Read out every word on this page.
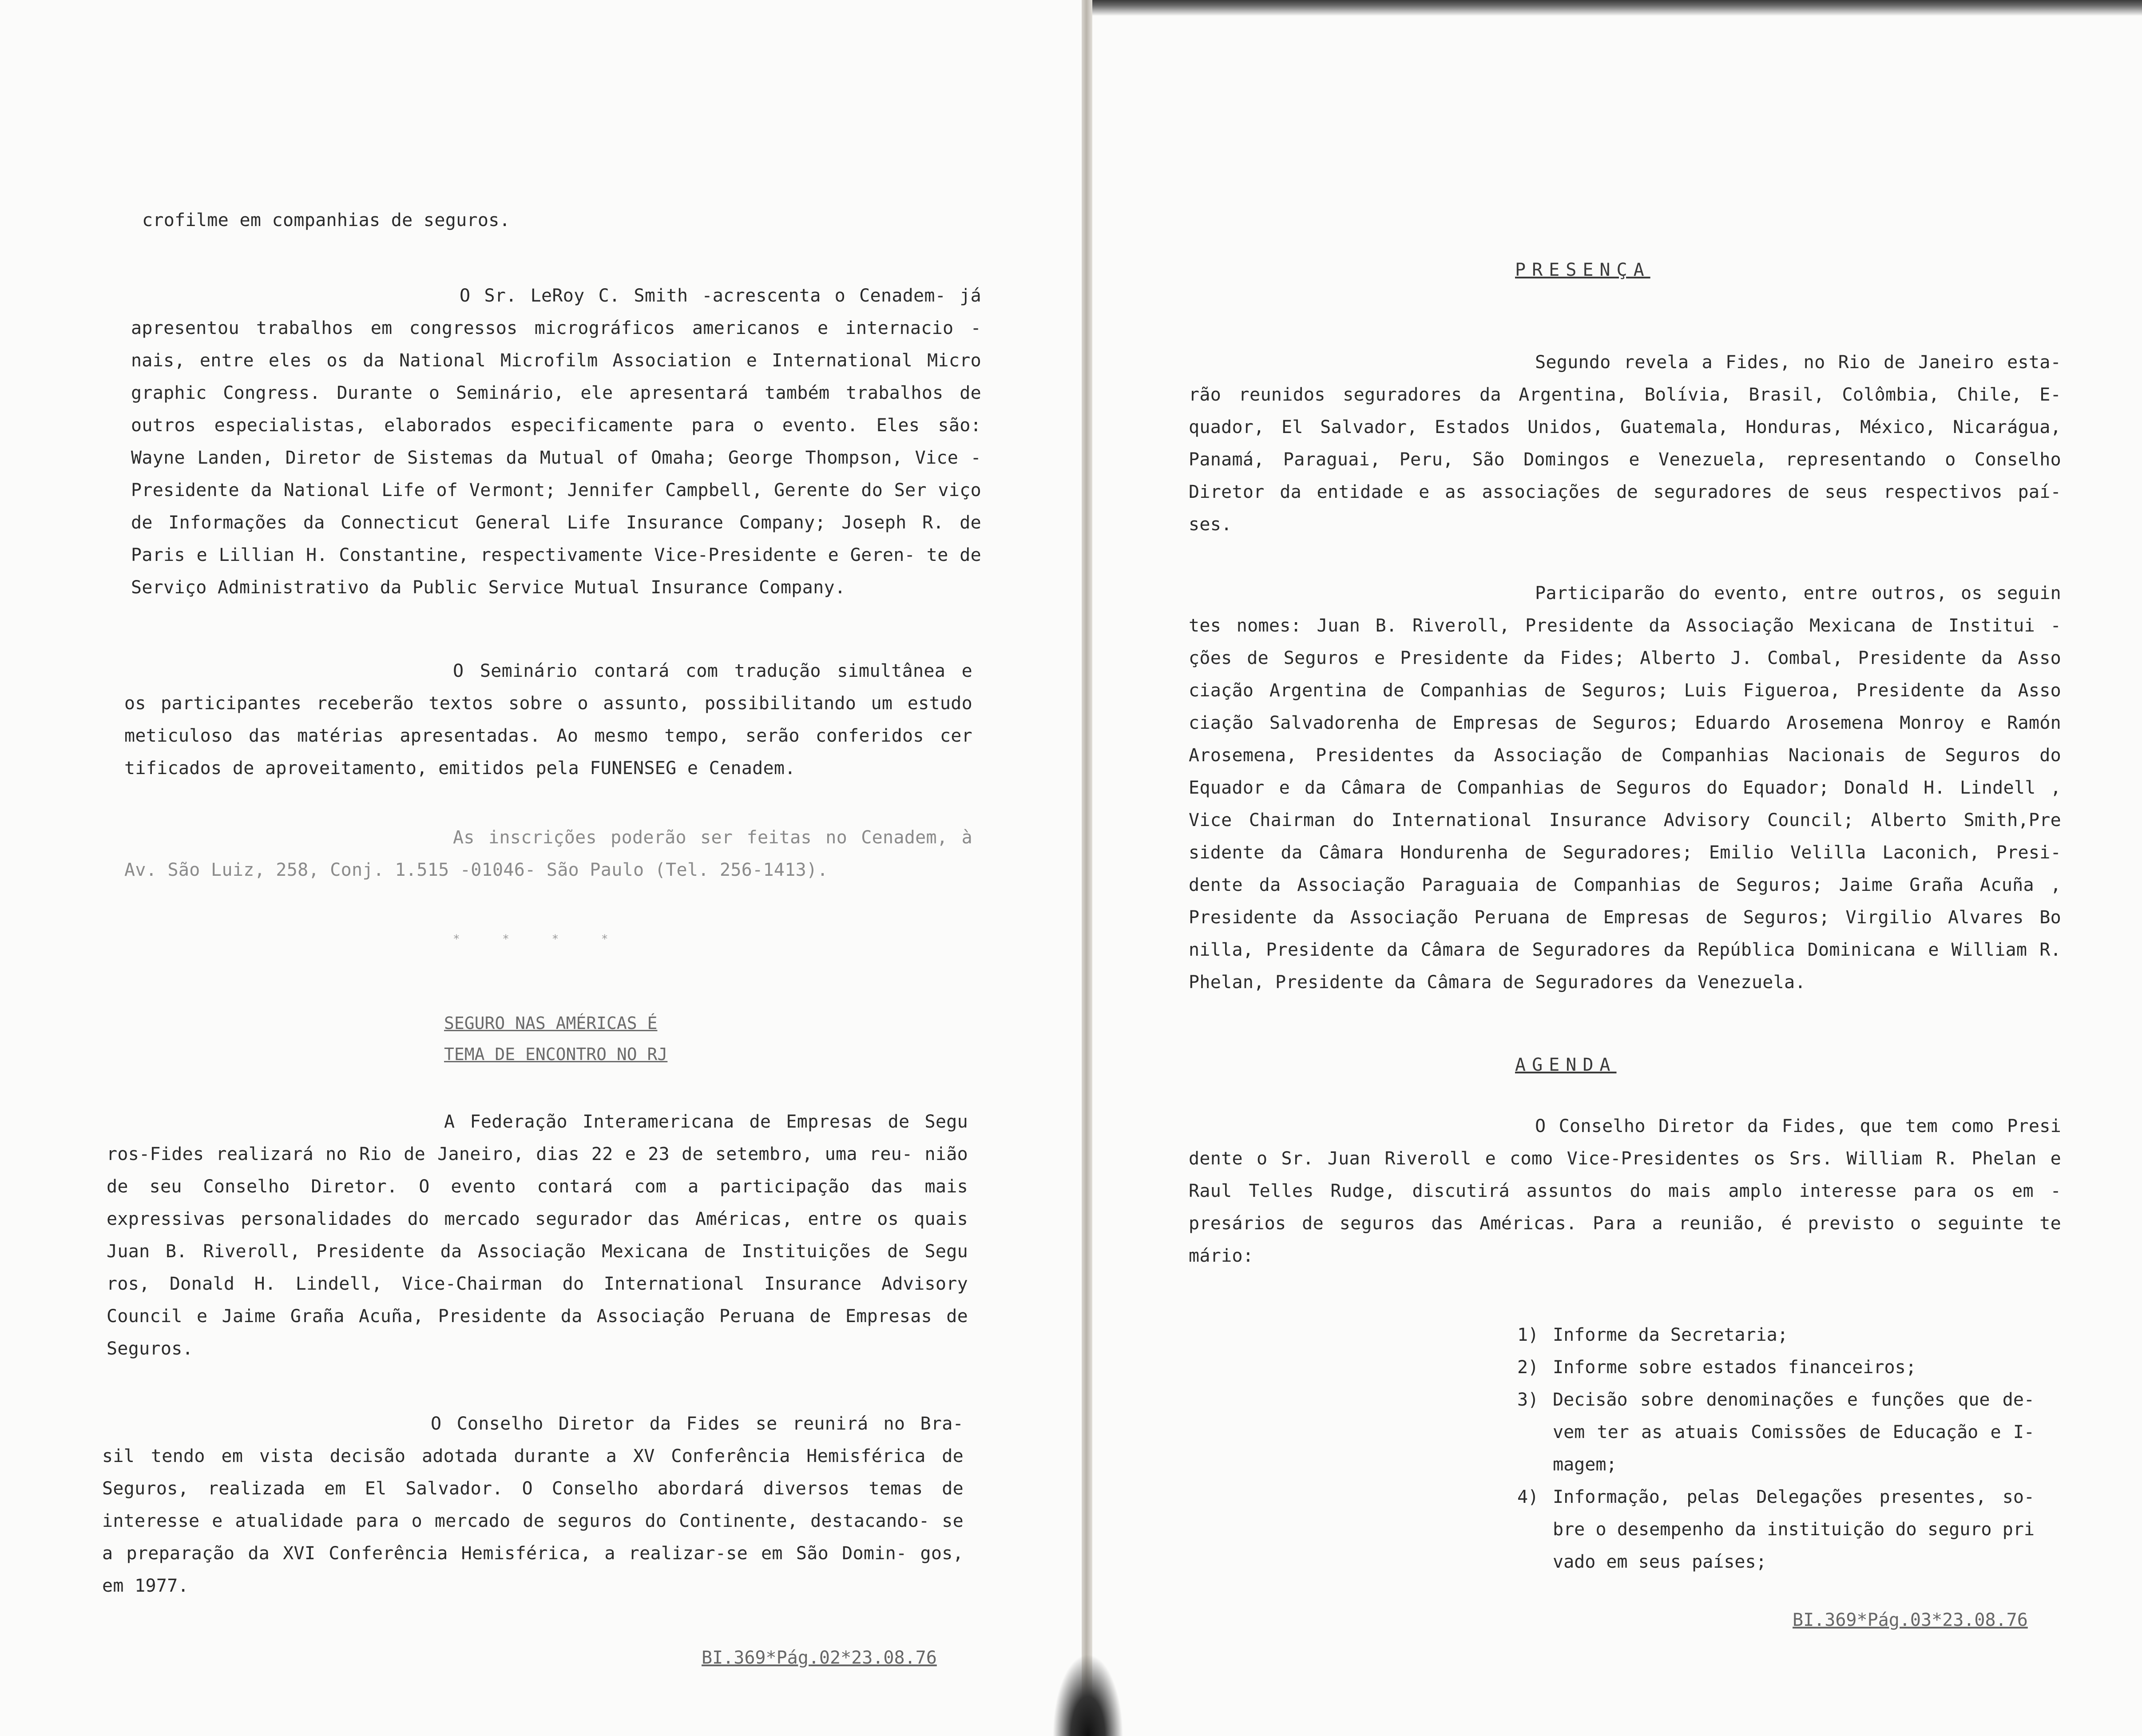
crofilme em companhias de seguros.

O Sr. LeRoy C. Smith -acrescenta o Cenadem- já apresentou trabalhos em congressos micrográficos americanos e internacio - nais, entre eles os da National Microfilm Association e International Micro graphic Congress. Durante o Seminário, ele apresentará também trabalhos de outros especialistas, elaborados especificamente para o evento. Eles são: Wayne Landen, Diretor de Sistemas da Mutual of Omaha; George Thompson, Vice -Presidente da National Life of Vermont; Jennifer Campbell, Gerente do Ser viço de Informações da Connecticut General Life Insurance Company; Joseph R. de Paris e Lillian H. Constantine, respectivamente Vice-Presidente e Geren- te de Serviço Administrativo da Public Service Mutual Insurance Company.

O Seminário contará com tradução simultânea e os participantes receberão textos sobre o assunto, possibilitando um estudo meticuloso das matérias apresentadas. Ao mesmo tempo, serão conferidos cer tificados de aproveitamento, emitidos pela FUNENSEG e Cenadem.

As inscrições poderão ser feitas no Cenadem, à Av. São Luiz, 258, Conj. 1.515 -01046- São Paulo (Tel. 256-1413).

* * * *

SEGURO NAS AMÉRICAS É

TEMA DE ENCONTRO NO RJ

A Federação Interamericana de Empresas de Segu ros-Fides realizará no Rio de Janeiro, dias 22 e 23 de setembro, uma reu- nião de seu Conselho Diretor. O evento contará com a participação das mais expressivas personalidades do mercado segurador das Américas, entre os quais Juan B. Riveroll, Presidente da Associação Mexicana de Instituições de Segu ros, Donald H. Lindell, Vice-Chairman do International Insurance Advisory Council e Jaime Graña Acuña, Presidente da Associação Peruana de Empresas de Seguros.

O Conselho Diretor da Fides se reunirá no Bra- sil tendo em vista decisão adotada durante a XV Conferência Hemisférica de Seguros, realizada em El Salvador. O Conselho abordará diversos temas de interesse e atualidade para o mercado de seguros do Continente, destacando- se a preparação da XVI Conferência Hemisférica, a realizar-se em São Domin- gos, em 1977.

BI.369*Pág.02*23.08.76

PRESENÇA

Segundo revela a Fides, no Rio de Janeiro esta- rão reunidos seguradores da Argentina, Bolívia, Brasil, Colômbia, Chile, E- quador, El Salvador, Estados Unidos, Guatemala, Honduras, México, Nicarágua, Panamá, Paraguai, Peru, São Domingos e Venezuela, representando o Conselho Diretor da entidade e as associações de seguradores de seus respectivos paí- ses.

Participarão do evento, entre outros, os seguin tes nomes: Juan B. Riveroll, Presidente da Associação Mexicana de Institui - ções de Seguros e Presidente da Fides; Alberto J. Combal, Presidente da Asso ciação Argentina de Companhias de Seguros; Luis Figueroa, Presidente da Asso ciação Salvadorenha de Empresas de Seguros; Eduardo Arosemena Monroy e Ramón Arosemena, Presidentes da Associação de Companhias Nacionais de Seguros do Equador e da Câmara de Companhias de Seguros do Equador; Donald H. Lindell , Vice Chairman do International Insurance Advisory Council; Alberto Smith,Pre sidente da Câmara Hondurenha de Seguradores; Emilio Velilla Laconich, Presi- dente da Associação Paraguaia de Companhias de Seguros; Jaime Graña Acuña , Presidente da Associação Peruana de Empresas de Seguros; Virgilio Alvares Bo nilla, Presidente da Câmara de Seguradores da República Dominicana e William R. Phelan, Presidente da Câmara de Seguradores da Venezuela.

AGENDA

O Conselho Diretor da Fides, que tem como Presi dente o Sr. Juan Riveroll e como Vice-Presidentes os Srs. William R. Phelan e Raul Telles Rudge, discutirá assuntos do mais amplo interesse para os em - presários de seguros das Américas. Para a reunião, é previsto o seguinte te mário:

1) Informe da Secretaria;
2) Informe sobre estados financeiros;
3) Decisão sobre denominações e funções que de- vem ter as atuais Comissões de Educação e I- magem;
4) Informação, pelas Delegações presentes, so- bre o desempenho da instituição do seguro pri vado em seus países;

BI.369*Pág.03*23.08.76
